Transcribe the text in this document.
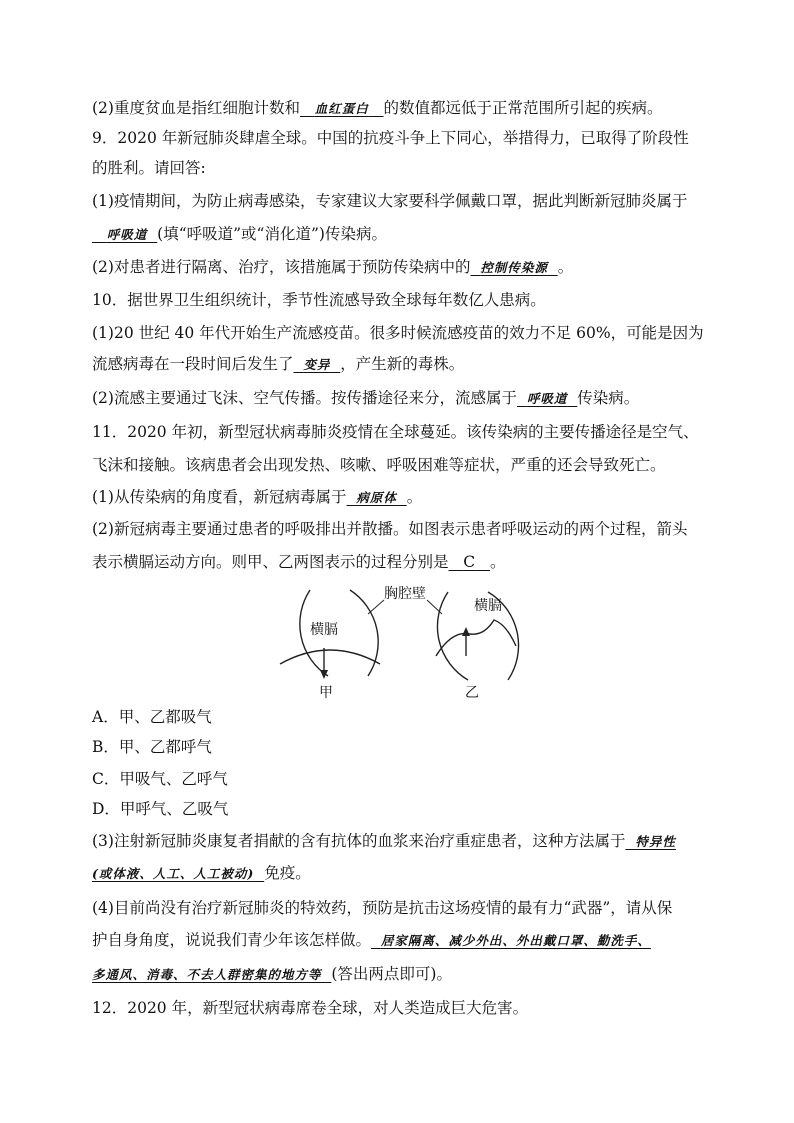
(2)重度贫血是指红细胞计数和 血红蛋白 的数值都远低于正常范围所引起的疾病。
9．2020 年新冠肺炎肆虐全球。中国的抗疫斗争上下同心，举措得力，已取得了阶段性
的胜利。请回答:
(1)疫情期间，为防止病毒感染，专家建议大家要科学佩戴口罩，据此判断新冠肺炎属于
呼吸道 (填“呼吸道”或“消化道”)传染病。
(2)对患者进行隔离、治疗，该措施属于预防传染病中的 控制传染源 。
10．据世界卫生组织统计，季节性流感导致全球每年数亿人患病。
(1)20 世纪 40 年代开始生产流感疫苗。很多时候流感疫苗的效力不足 60%，可能是因为
流感病毒在一段时间后发生了 变异 ，产生新的毒株。
(2)流感主要通过飞沫、空气传播。按传播途径来分，流感属于 呼吸道 传染病。
11．2020 年初，新型冠状病毒肺炎疫情在全球蔓延。该传染病的主要传播途径是空气、
飞沫和接触。该病患者会出现发热、咳嗽、呼吸困难等症状，严重的还会导致死亡。
(1)从传染病的角度看，新冠病毒属于 病原体 。
(2)新冠病毒主要通过患者的呼吸排出并散播。如图表示患者呼吸运动的两个过程，箭头
表示横膈运动方向。则甲、乙两图表示的过程分别是 C 。
横膈
甲
胸腔壁
横膈
乙
A．甲、乙都吸气
B．甲、乙都呼气
C．甲吸气、乙呼气
D．甲呼气、乙吸气
(3)注射新冠肺炎康复者捐献的含有抗体的血浆来治疗重症患者，这种方法属于 特异性
(或体液、人工、人工被动) 免疫。
(4)目前尚没有治疗新冠肺炎的特效药，预防是抗击这场疫情的最有力“武器”，请从保
护自身角度，说说我们青少年该怎样做。 居家隔离、减少外出、外出戴口罩、勤洗手、
多通风、消毒、不去人群密集的地方等 (答出两点即可)。
12．2020 年，新型冠状病毒席卷全球，对人类造成巨大危害。
